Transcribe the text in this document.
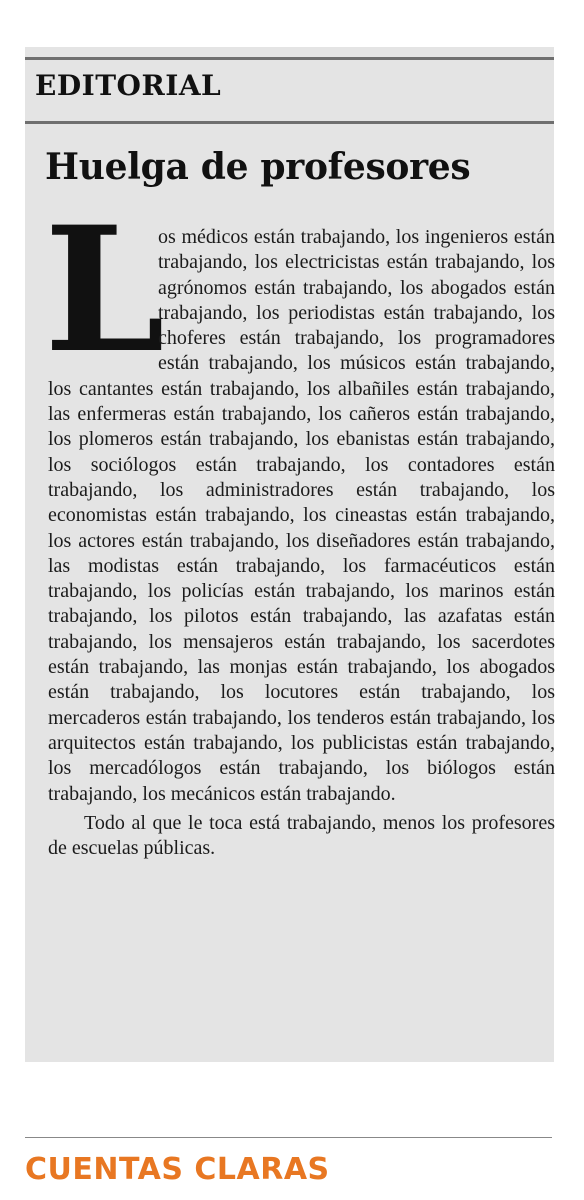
EDITORIAL
Huelga de profesores
L

os médicos están trabajando, los ingenieros están trabajando, los electricistas están trabajando, los agrónomos están trabajando, los abogados están trabajando, los periodistas están trabajando, los choferes están trabajando, los programadores están trabajando, los músicos están trabajando, los cantantes están trabajando, los albañiles están trabajando, las enfermeras están trabajando, los cañeros están trabajando, los plomeros están trabajando, los ebanistas están trabajando, los sociólogos están trabajando, los contadores están trabajando, los administradores están trabajando, los economistas están trabajando, los cineastas están trabajando, los actores están trabajando, los diseñadores están trabajando, las modistas están trabajando, los farmacéuticos están trabajando, los policías están trabajando, los marinos están trabajando, los pilotos están trabajando, las azafatas están trabajando, los mensajeros están trabajando, los sacerdotes están trabajando, las monjas están trabajando, los abogados están trabajando, los locutores están trabajando, los mercaderos están trabajando, los tenderos están trabajando, los arquitectos están trabajando, los publicistas están trabajando, los mercadólogos están trabajando, los biólogos están trabajando, los mecánicos están trabajando.

Todo al que le toca está trabajando, menos los profesores de escuelas públicas.

CUENTAS CLARAS
